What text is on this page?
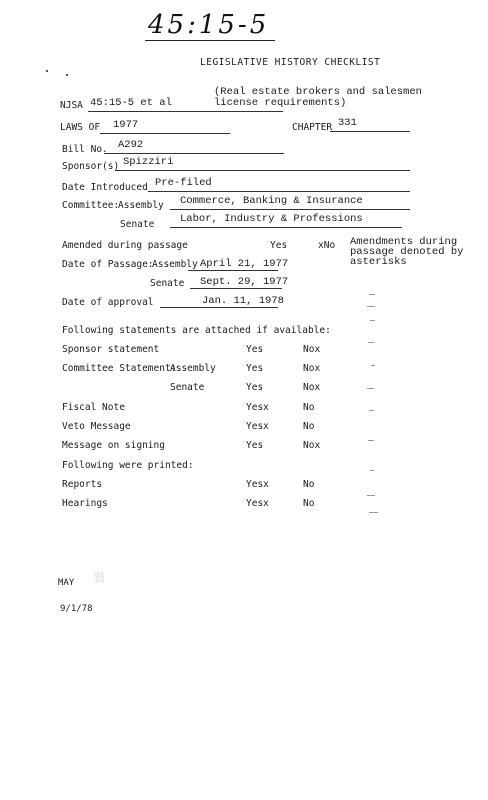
45:15-5
LEGISLATIVE HISTORY CHECKLIST
(Real estate brokers and salesmen license requirements)
NJSA 45:15-5 et al
LAWS OF 1977	CHAPTER 331
Bill No. A292
Sponsor(s) Spizziri
Date Introduced Pre-filed
Committee:
Assembly Commerce, Banking & Insurance
Senate Labor, Industry & Professions
Amended during passage	Yes	xNo Amendments during passage denoted by asterisks
Date of Passage:
Assembly April 21, 1977
Senate Sept. 29, 1977
Date of approval	Jan. 11, 1978
Following statements are attached if available:
Sponsor statement	Yes	Nox
Committee Statement:
Assembly	Yes	Nox
Senate	Yes	Nox
Fiscal Note	Yesx	No
Veto Message	Yesx	No
Message on signing	Yes	Nox
Following were printed:
Reports	Yesx	No
Hearings	Yesx	No
MAY
░░
9/1/78
